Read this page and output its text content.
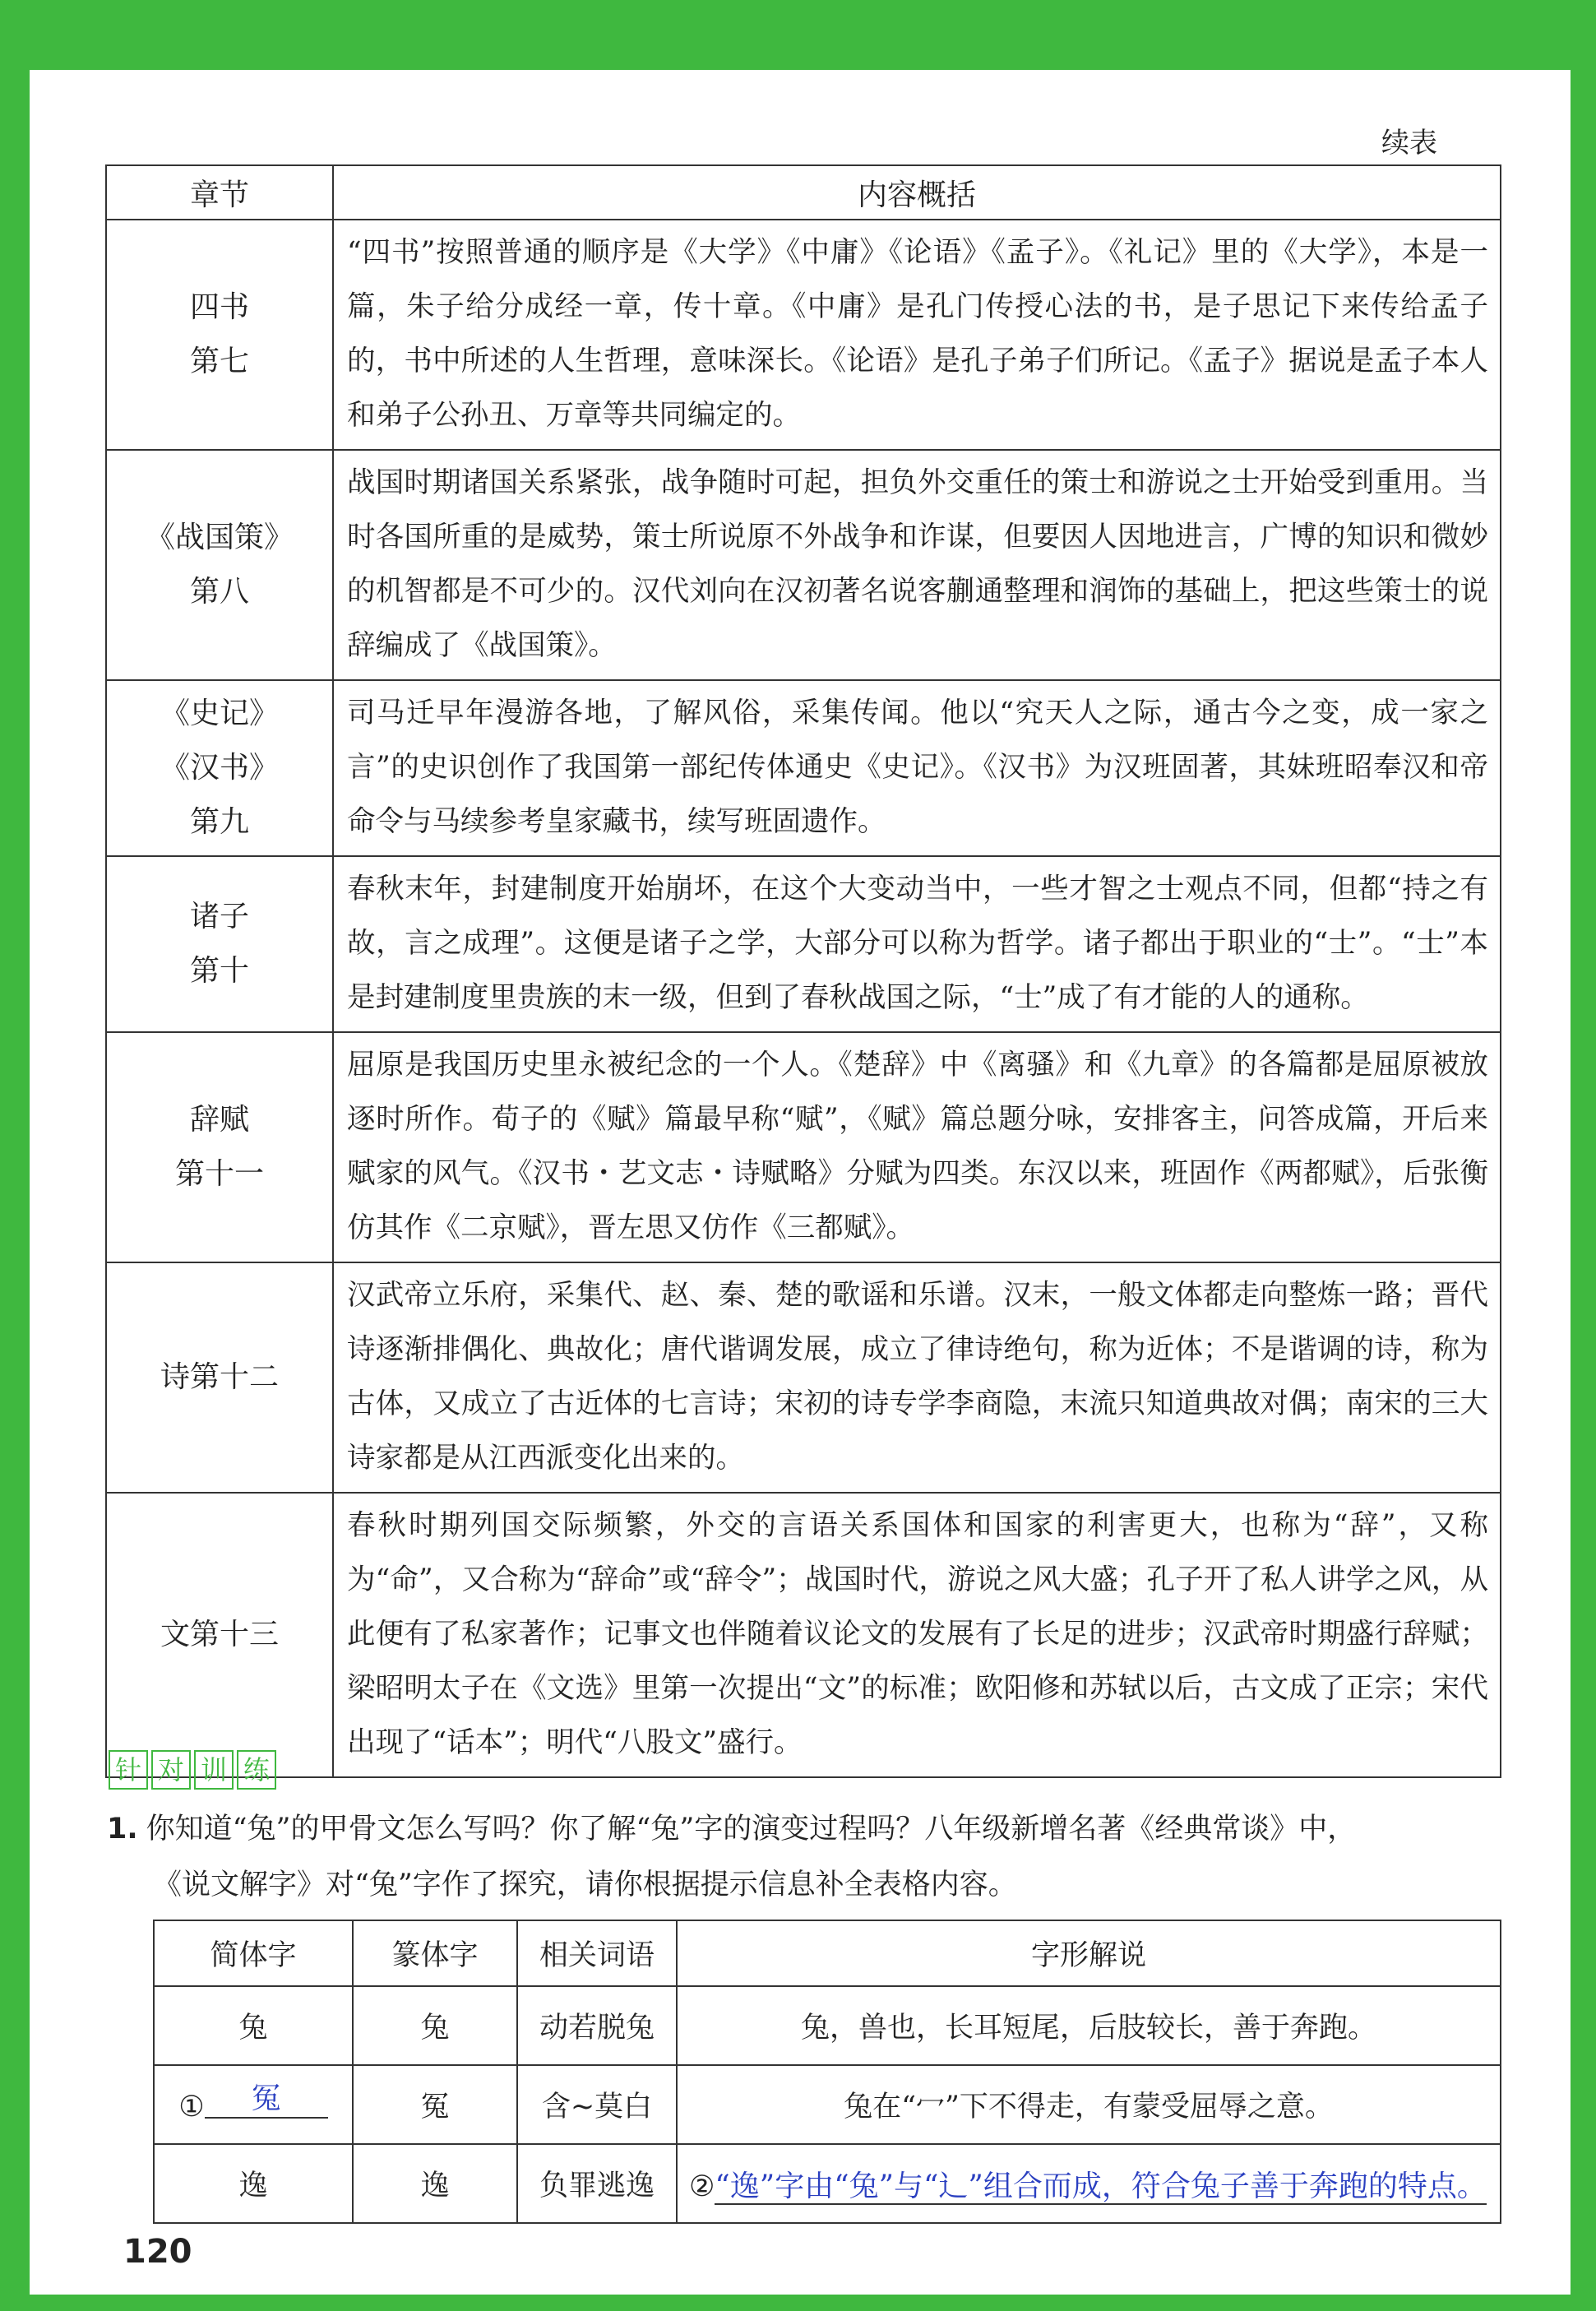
续表
章节	内容概括

四书
第七	“四书”按照普通的顺序是《大学》《中庸》《论语》《孟子》。《礼记》里的《大学》，本是一篇，朱子给分成经一章，传十章。《中庸》是孔门传授心法的书，是子思记下来传给孟子的，书中所述的人生哲理，意味深长。《论语》是孔子弟子们所记。《孟子》据说是孟子本人和弟子公孙丑、万章等共同编定的。

《战国策》
第八	战国时期诸国关系紧张，战争随时可起，担负外交重任的策士和游说之士开始受到重用。当时各国所重的是威势，策士所说原不外战争和诈谋，但要因人因地进言，广博的知识和微妙的机智都是不可少的。汉代刘向在汉初著名说客蒯通整理和润饰的基础上，把这些策士的说辞编成了《战国策》。

《史记》
《汉书》
第九	司马迁早年漫游各地，了解风俗，采集传闻。他以“究天人之际，通古今之变，成一家之言”的史识创作了我国第一部纪传体通史《史记》。《汉书》为汉班固著，其妹班昭奉汉和帝命令与马续参考皇家藏书，续写班固遗作。

诸子
第十	春秋末年，封建制度开始崩坏，在这个大变动当中，一些才智之士观点不同，但都“持之有故，言之成理”。这便是诸子之学，大部分可以称为哲学。诸子都出于职业的“士”。“士”本是封建制度里贵族的末一级，但到了春秋战国之际，“士”成了有才能的人的通称。

辞赋
第十一	屈原是我国历史里永被纪念的一个人。《楚辞》中《离骚》和《九章》的各篇都是屈原被放逐时所作。荀子的《赋》篇最早称“赋”，《赋》篇总题分咏，安排客主，问答成篇，开后来赋家的风气。《汉书・艺文志・诗赋略》分赋为四类。东汉以来，班固作《两都赋》，后张衡仿其作《二京赋》，晋左思又仿作《三都赋》。

诗第十二	汉武帝立乐府，采集代、赵、秦、楚的歌谣和乐谱。汉末，一般文体都走向整炼一路；晋代诗逐渐排偶化、典故化；唐代谐调发展，成立了律诗绝句，称为近体；不是谐调的诗，称为古体，又成立了古近体的七言诗；宋初的诗专学李商隐，末流只知道典故对偶；南宋的三大诗家都是从江西派变化出来的。

文第十三	春秋时期列国交际频繁，外交的言语关系国体和国家的利害更大，也称为“辞”，又称为“命”，又合称为“辞命”或“辞令”；战国时代，游说之风大盛；孔子开了私人讲学之风，从此便有了私家著作；记事文也伴随着议论文的发展有了长足的进步；汉武帝时期盛行辞赋；梁昭明太子在《文选》里第一次提出“文”的标准；欧阳修和苏轼以后，古文成了正宗；宋代出现了“话本”；明代“八股文”盛行。

针 对 训 练
1. 你知道“兔”的甲骨文怎么写吗？你了解“兔”字的演变过程吗？八年级新增名著《经典常谈》中，
《说文解字》对“兔”字作了探究，请你根据提示信息补全表格内容。
简体字	篆体字	相关词语	字形解说
兔	兔	动若脱兔	兔，兽也，长耳短尾，后肢较长，善于奔跑。
① 冤	冤	含~莫白	兔在“冖”下不得走，有蒙受屈辱之意。
逸	逸	负罪逃逸	②“逸”字由“兔”与“辶”组合而成，符合兔子善于奔跑的特点。
120
